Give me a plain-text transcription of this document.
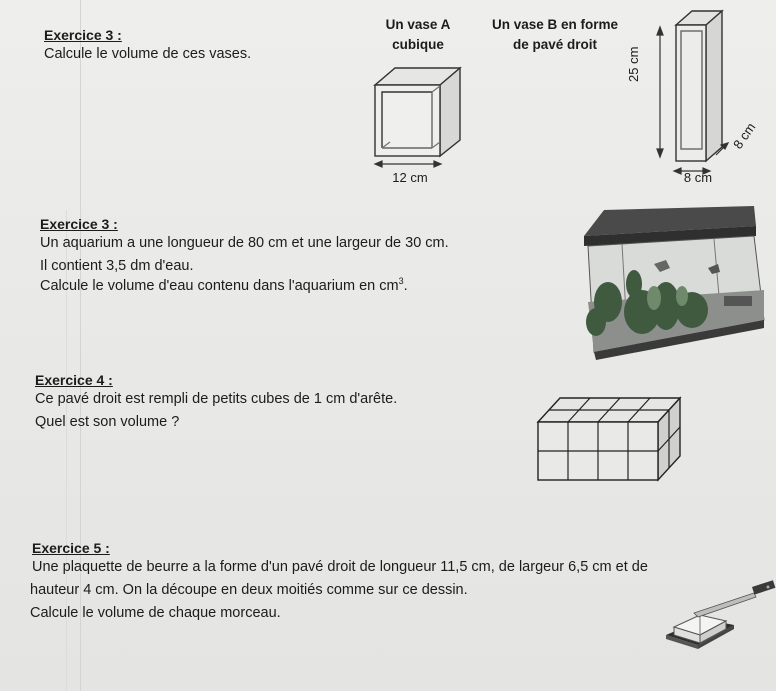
Exercice 3 :
Calcule le volume de ces vases.
Un vase A
cubique
Un vase B en forme
de pavé droit
12 cm
25 cm
8 cm
8 cm
Exercice 3 :
Un aquarium a une longueur de 80 cm et une largeur de 30 cm.
Il contient 3,5 dm d'eau.
Calcule le volume d'eau contenu dans l'aquarium en $cm^3$.
Exercice 4 :
Ce pavé droit est rempli de petits cubes de 1 cm d'arête.
Quel est son volume ?
Exercice 5 :
Une plaquette de beurre a la forme d'un pavé droit de longueur 11,5 cm, de largeur 6,5 cm et de
hauteur 4 cm. On la découpe en deux moitiés comme sur ce dessin.
Calcule le volume de chaque morceau.
